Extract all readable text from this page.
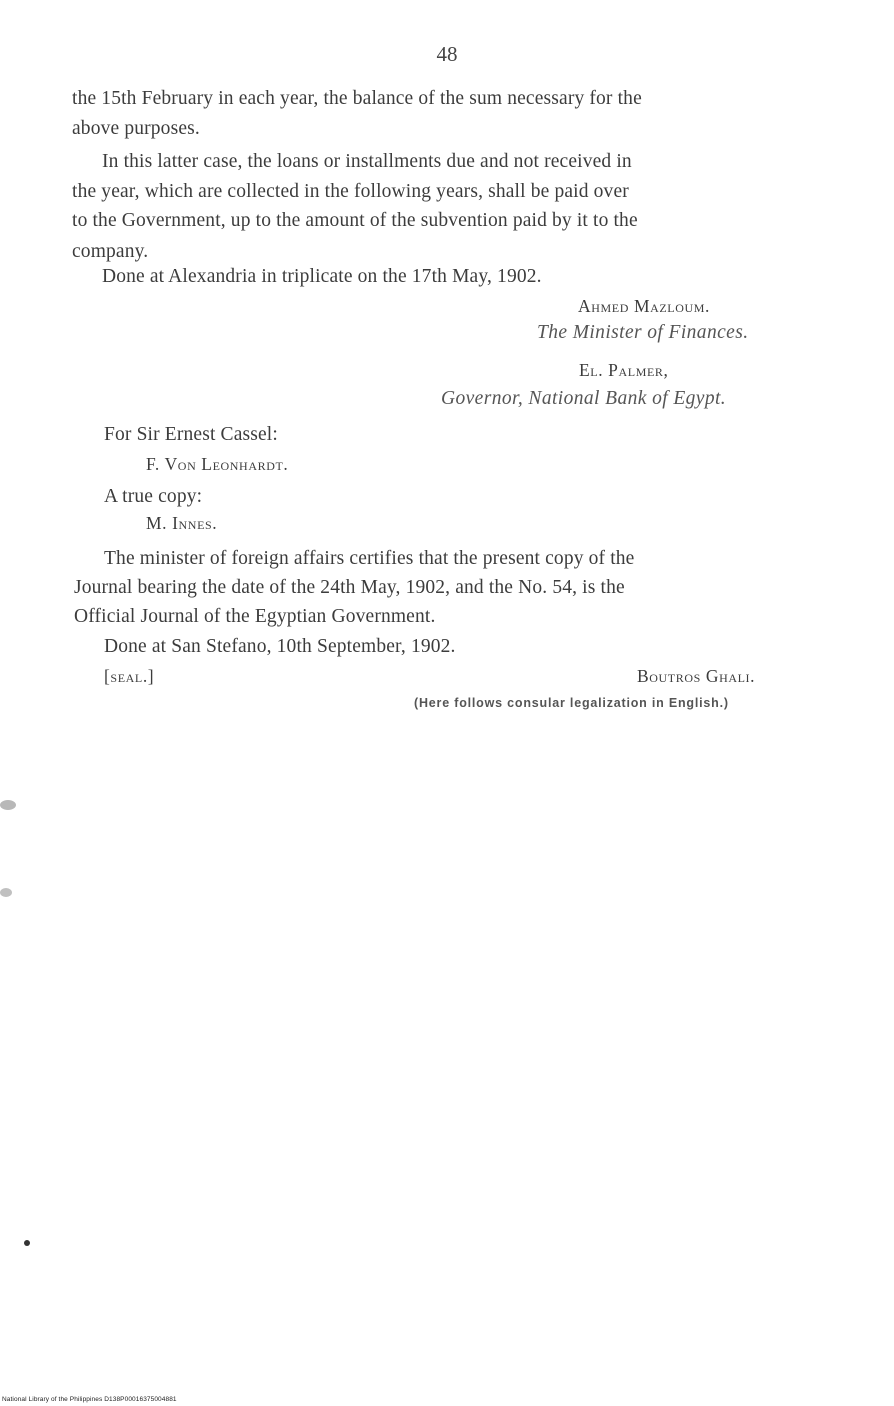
48
the 15th February in each year, the balance of the sum necessary for the
above purposes.
In this latter case, the loans or installments due and not received in
the year, which are collected in the following years, shall be paid over
to the Government, up to the amount of the subvention paid by it to the
company.
Done at Alexandria in triplicate on the 17th May, 1902.
Ahmed Mazloum.
The Minister of Finances.
El. Palmer,
Governor, National Bank of Egypt.
For Sir Ernest Cassel:
F. Von Leonhardt.
A true copy:
M. Innes.
The minister of foreign affairs certifies that the present copy of the
Journal bearing the date of the 24th May, 1902, and the No. 54, is the
Official Journal of the Egyptian Government.
Done at San Stefano, 10th September, 1902.
[seal.]	Boutros Ghali.
(Here follows consular legalization in English.)
National Library of the Philippines D138P00016375004881
